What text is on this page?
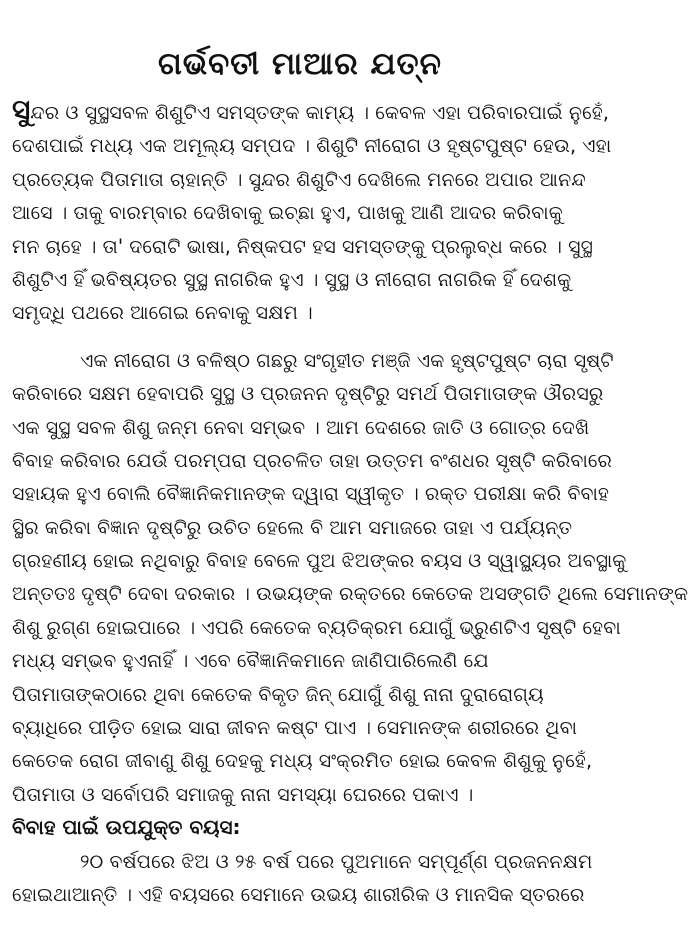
ଗର୍ଭବତୀ ମାଆର ଯତ୍ନ
ସୁନ୍ଦର ଓ ସୁସ୍ଥସବଳ ଶିଶୁଟିଏ ସମସ୍ତଙ୍କ କାମ୍ୟ । କେବଳ ଏହା ପରିବାରପାଇଁ ନୁହେଁ,
ଦେଶପାଇଁ ମଧ୍ୟ ଏକ ଅମୂଲ୍ୟ ସମ୍ପଦ । ଶିଶୁଟି ନୀରୋଗ ଓ ହୃଷ୍ଟପୁଷ୍ଟ ହେଉ, ଏହା
ପ୍ରତ୍ୟେକ ପିତାମାତା ଚାହାନ୍ତି । ସୁନ୍ଦର ଶିଶୁଟିଏ ଦେଖିଲେ ମନରେ ଅପାର ଆନନ୍ଦ
ଆସେ । ତାକୁ ବାରମ୍ବାର ଦେଖିବାକୁ ଇଚ୍ଛା ହୁଏ, ପାଖକୁ ଆଣି ଆଦର କରିବାକୁ
ମନ ଚାହେ । ତା' ଦରୋଟି ଭାଷା, ନିଷ୍କପଟ ହସ ସମସ୍ତଙ୍କୁ ପ୍ରଲୁବ୍ଧ କରେ । ସୁସ୍ଥ
ଶିଶୁଟିଏ ହିଁ ଭବିଷ୍ୟତର ସୁସ୍ଥ ନାଗରିକ ହୁଏ । ସୁସ୍ଥ ଓ ନୀରୋଗ ନାଗରିକ ହିଁ ଦେଶକୁ
ସମୃଦ୍ଧି ପଥରେ ଆଗେଇ ନେବାକୁ ସକ୍ଷମ ।
ଏକ ନୀରୋଗ ଓ ବଳିଷ୍ଠ ଗଛରୁ ସଂଗୃହୀତ ମଞ୍ଜି ଏକ ହୃଷ୍ଟପୁଷ୍ଟ ଚାରା ସୃଷ୍ଟି
କରିବାରେ ସକ୍ଷମ ହେବାପରି ସୁସ୍ଥ ଓ ପ୍ରଜନନ ଦୃଷ୍ଟିରୁ ସମର୍ଥ ପିତାମାତାଙ୍କ ଔରସରୁ
ଏକ ସୁସ୍ଥ ସବଳ ଶିଶୁ ଜନ୍ମ ନେବା ସମ୍ଭବ । ଆମ ଦେଶରେ ଜାତି ଓ ଗୋତ୍ର ଦେଖି
ବିବାହ କରିବାର ଯେଉଁ ପରମ୍ପରା ପ୍ରଚଳିତ ତାହା ଉତ୍ତମ ବଂଶଧର ସୃଷ୍ଟି କରିବାରେ
ସହାୟକ ହୁଏ ବୋଲି ବୈଜ୍ଞାନିକମାନଙ୍କ ଦ୍ୱାରା ସ୍ୱୀକୃତ । ରକ୍ତ ପରୀକ୍ଷା କରି ବିବାହ
ସ୍ଥିର କରିବା ବିଜ୍ଞାନ ଦୃଷ୍ଟିରୁ ଉଚିତ ହେଲେ ବି ଆମ ସମାଜରେ ତାହା ଏ ପର୍ଯ୍ୟନ୍ତ
ଗ୍ରହଣୀୟ ହୋଇ ନଥିବାରୁ ବିବାହ ବେଳେ ପୁଅ ଝିଅଙ୍କର ବୟସ ଓ ସ୍ୱାସ୍ଥ୍ୟର ଅବସ୍ଥାକୁ
ଅନ୍ତତଃ ଦୃଷ୍ଟି ଦେବା ଦରକାର । ଉଭୟଙ୍କ ରକ୍ତରେ କେତେକ ଅସଙ୍ଗତି ଥିଲେ ସେମାନଙ୍କ
ଶିଶୁ ରୁଗ୍ଣ ହୋଇପାରେ । ଏପରି କେତେକ ବ୍ୟତିକ୍ରମ ଯୋଗୁଁ ଭ୍ରୁଣଟିଏ ସୃଷ୍ଟି ହେବା
ମଧ୍ୟ ସମ୍ଭବ ହୁଏନାହିଁ । ଏବେ ବୈଜ୍ଞାନିକମାନେ ଜାଣିପାରିଲେଣି ଯେ
ପିତାମାତାଙ୍କଠାରେ ଥିବା କେତେକ ବିକୃତ ଜିନ୍ ଯୋଗୁଁ ଶିଶୁ ନାନା ଦୁରାରୋଗ୍ୟ
ବ୍ୟାଧିରେ ପୀଡ଼ିତ ହୋଇ ସାରା ଜୀବନ କଷ୍ଟ ପାଏ । ସେମାନଙ୍କ ଶରୀରରେ ଥିବା
କେତେକ ରୋଗ ଜୀବାଣୁ ଶିଶୁ ଦେହକୁ ମଧ୍ୟ ସଂକ୍ରମିତ ହୋଇ କେବଳ ଶିଶୁକୁ ନୁହେଁ,
ପିତାମାତା ଓ ସର୍ବୋପରି ସମାଜକୁ ନାନା ସମସ୍ୟା ଘେରରେ ପକାଏ ।
ବିବାହ ପାଇଁ ଉପଯୁକ୍ତ ବୟସ:
୨୦ ବର୍ଷପରେ ଝିଅ ଓ ୨୫ ବର୍ଷ ପରେ ପୁଅମାନେ ସମ୍ପୂର୍ଣ୍ଣ ପ୍ରଜନନକ୍ଷମ
ହୋଇଥାଆନ୍ତି । ଏହି ବୟସରେ ସେମାନେ ଉଭୟ ଶାରୀରିକ ଓ ମାନସିକ ସ୍ତରରେ
